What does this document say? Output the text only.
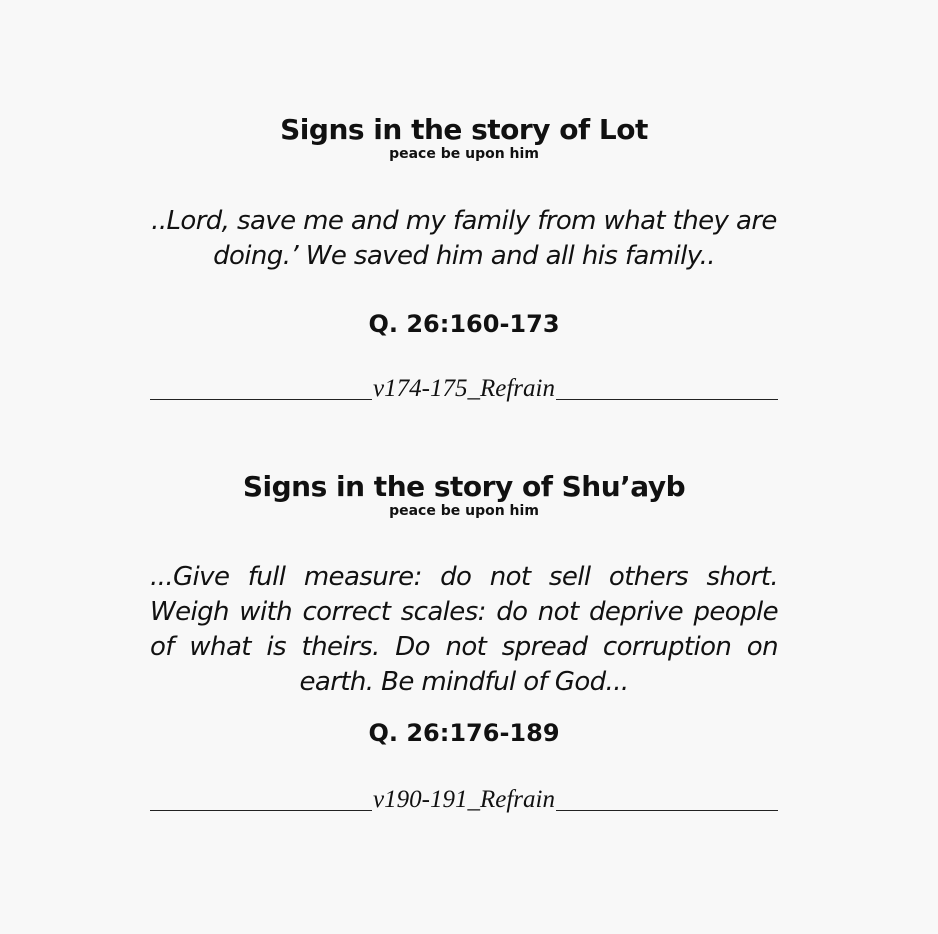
Signs in the story of Lot
peace be upon him

..Lord, save me and my family from what they are doing.’ We saved him and all his family..

Q. 26:160-173

v174-175_Refrain
Signs in the story of Shu’ayb
peace be upon him

...Give full measure: do not sell others short. Weigh with correct scales: do not deprive people of what is theirs. Do not spread corruption on earth. Be mindful of God...

Q. 26:176-189

v190-191_Refrain
